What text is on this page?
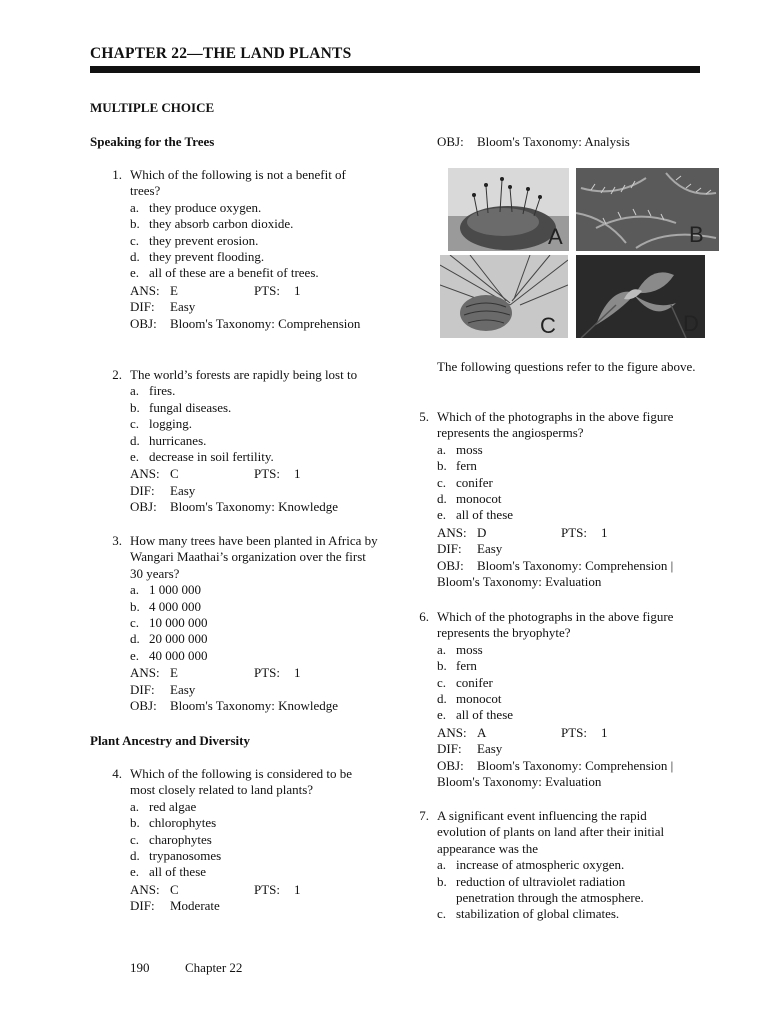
CHAPTER 22—THE LAND PLANTS
MULTIPLE CHOICE
Speaking for the Trees
1. Which of the following is not a benefit of trees?
a. they produce oxygen.
b. they absorb carbon dioxide.
c. they prevent erosion.
d. they prevent flooding.
e. all of these are a benefit of trees.
ANS: E	PTS:	1
DIF:	Easy
OBJ:	Bloom's Taxonomy: Comprehension
2. The world’s forests are rapidly being lost to
a. fires.
b. fungal diseases.
c. logging.
d. hurricanes.
e. decrease in soil fertility.
ANS: C	PTS:	1
DIF:	Easy
OBJ:	Bloom's Taxonomy: Knowledge
3. How many trees have been planted in Africa by Wangari Maathai’s organization over the first 30 years?
a. 1 000 000
b. 4 000 000
c. 10 000 000
d. 20 000 000
e. 40 000 000
ANS: E	PTS:	1
DIF:	Easy
OBJ:	Bloom's Taxonomy: Knowledge
Plant Ancestry and Diversity
4. Which of the following is considered to be most closely related to land plants?
a. red algae
b. chlorophytes
c. charophytes
d. trypanosomes
e. all of these
ANS: C	PTS:	1
DIF:	Moderate
OBJ:	Bloom's Taxonomy: Analysis
A	B
C	D
The following questions refer to the figure above.
5. Which of the photographs in the above figure represents the angiosperms?
a. moss
b. fern
c. conifer
d. monocot
e. all of these
ANS: D	PTS:	1
DIF:	Easy
OBJ:	Bloom's Taxonomy: Comprehension |
Bloom's Taxonomy: Evaluation
6. Which of the photographs in the above figure represents the bryophyte?
a. moss
b. fern
c. conifer
d. monocot
e. all of these
ANS: A	PTS:	1
DIF:	Easy
OBJ:	Bloom's Taxonomy: Comprehension |
Bloom's Taxonomy: Evaluation
7. A significant event influencing the rapid evolution of plants on land after their initial appearance was the
a. increase of atmospheric oxygen.
b. reduction of ultraviolet radiation penetration through the atmosphere.
c. stabilization of global climates.
190	Chapter 22
